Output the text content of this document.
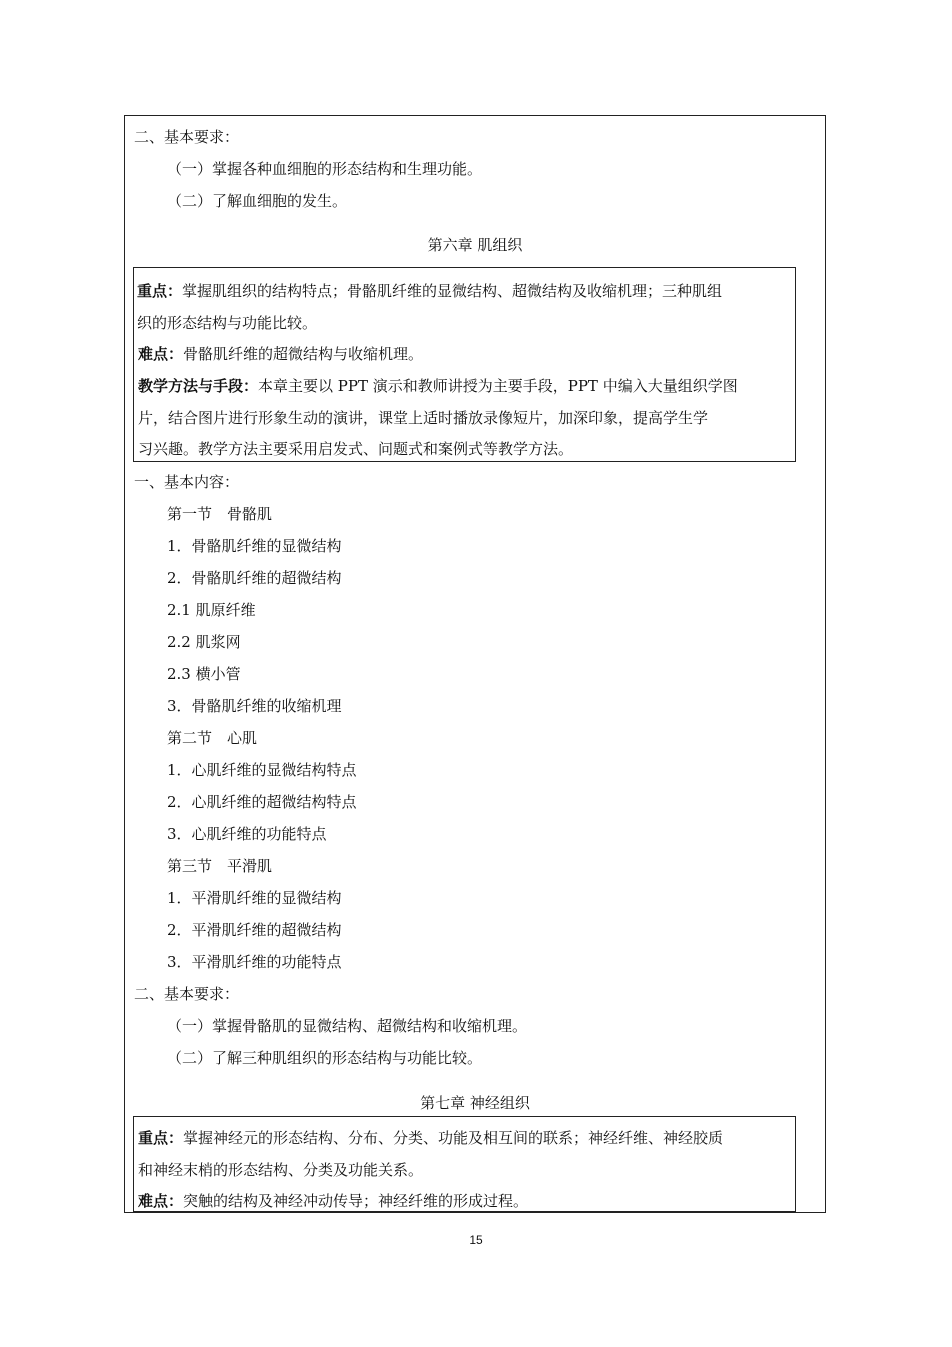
二、基本要求：
（一）掌握各种血细胞的形态结构和生理功能。
（二）了解血细胞的发生。
第六章 肌组织
重点：掌握肌组织的结构特点；骨骼肌纤维的显微结构、超微结构及收缩机理；三种肌组
织的形态结构与功能比较。
难点：骨骼肌纤维的超微结构与收缩机理。
教学方法与手段：本章主要以 PPT 演示和教师讲授为主要手段，PPT 中编入大量组织学图
片，结合图片进行形象生动的演讲，课堂上适时播放录像短片，加深印象，提高学生学
习兴趣。教学方法主要采用启发式、问题式和案例式等教学方法。
一、基本内容：
第一节　骨骼肌
1．骨骼肌纤维的显微结构
2．骨骼肌纤维的超微结构
2.1 肌原纤维
2.2 肌浆网
2.3 横小管
3．骨骼肌纤维的收缩机理
第二节　心肌
1．心肌纤维的显微结构特点
2．心肌纤维的超微结构特点
3．心肌纤维的功能特点
第三节　平滑肌
1．平滑肌纤维的显微结构
2．平滑肌纤维的超微结构
3．平滑肌纤维的功能特点
二、基本要求：
（一）掌握骨骼肌的显微结构、超微结构和收缩机理。
（二）了解三种肌组织的形态结构与功能比较。
第七章 神经组织
重点：掌握神经元的形态结构、分布、分类、功能及相互间的联系；神经纤维、神经胶质
和神经末梢的形态结构、分类及功能关系。
难点：突触的结构及神经冲动传导；神经纤维的形成过程。
15
